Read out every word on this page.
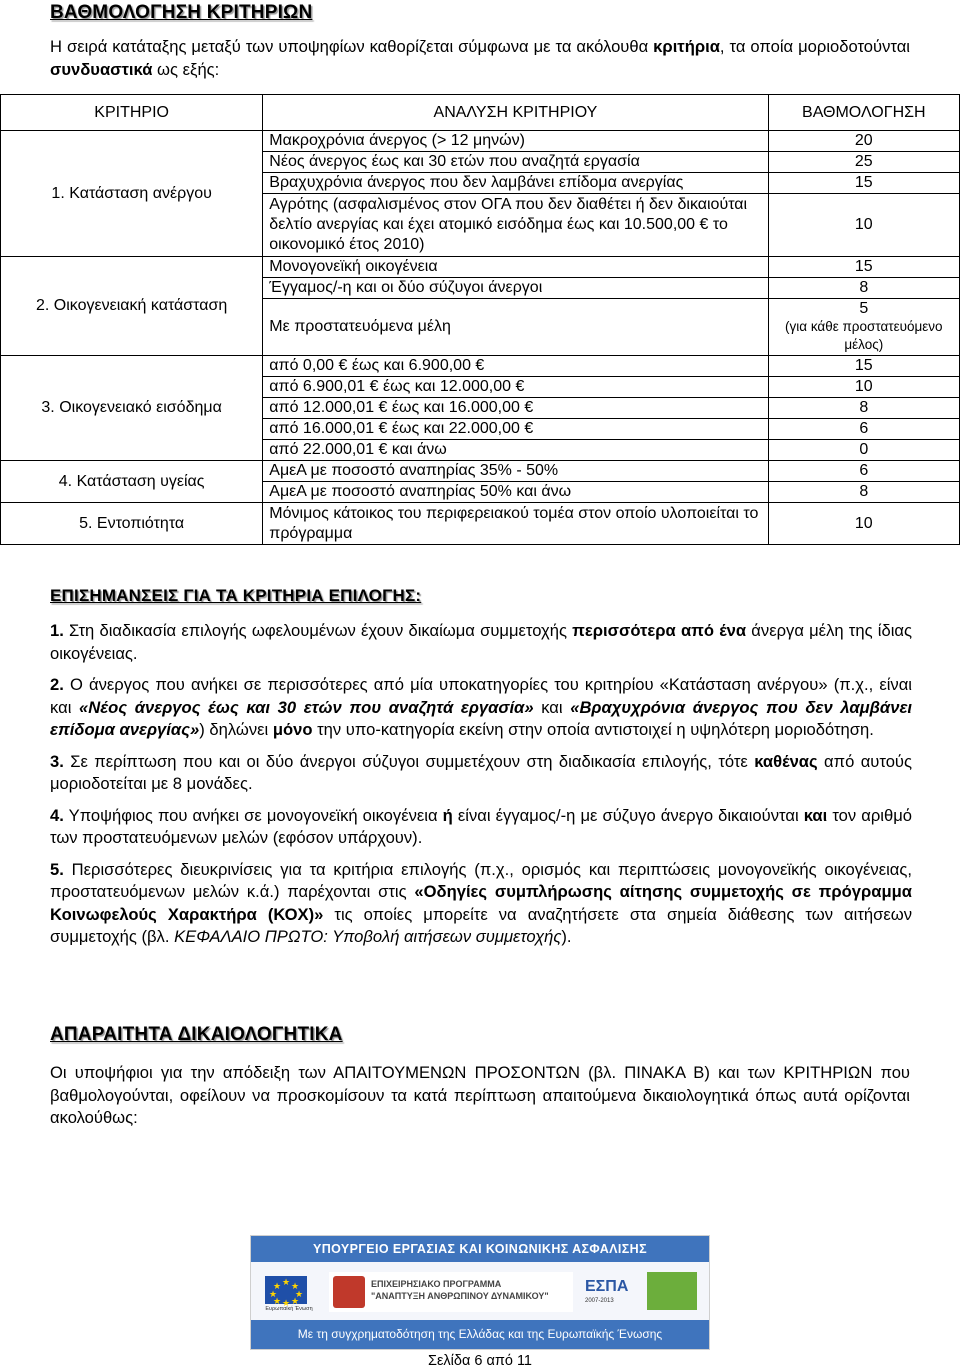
ΒΑΘΜΟΛΟΓΗΣΗ ΚΡΙΤΗΡΙΩΝ
Η σειρά κατάταξης μεταξύ των υποψηφίων καθορίζεται σύμφωνα με τα ακόλουθα κριτήρια, τα οποία μοριοδοτούνται συνδυαστικά ως εξής:
ΚΡΙΤΗΡΙΟ	ΑΝΑΛΥΣΗ ΚΡΙΤΗΡΙΟΥ	ΒΑΘΜΟΛΟΓΗΣΗ
1. Κατάσταση ανέργου	Μακροχρόνια άνεργος (> 12 μηνών)	20
	Νέος άνεργος έως και 30 ετών που αναζητά εργασία	25
	Βραχυχρόνια άνεργος που δεν λαμβάνει επίδομα ανεργίας	15
	Αγρότης (ασφαλισμένος στον ΟΓΑ που δεν διαθέτει ή δεν δικαιούται δελτίο ανεργίας και έχει ατομικό εισόδημα έως και 10.500,00 € το οικονομικό έτος 2010)	10
2. Οικογενειακή κατάσταση	Μονογονεϊκή οικογένεια	15
	Έγγαμος/-η και οι δύο σύζυγοι άνεργοι	8
	Με προστατευόμενα μέλη	5
(για κάθε προστατευόμενο μέλος)

3. Οικογενειακό εισόδημα	από 0,00 € έως και 6.900,00 €	15
	από 6.900,01 € έως και 12.000,00 €	10
	από 12.000,01 € έως και 16.000,00 €	8
	από 16.000,01 € έως και 22.000,00 €	6
	από 22.000,01 € και άνω	0
4. Κατάσταση υγείας	ΑμεΑ με ποσοστό αναπηρίας 35% - 50%	6
	ΑμεΑ με ποσοστό αναπηρίας 50% και άνω	8
5. Εντοπιότητα	Μόνιμος κάτοικος του περιφερειακού τομέα στον οποίο υλοποιείται το πρόγραμμα	10
ΕΠΙΣΗΜΑΝΣΕΙΣ ΓΙΑ ΤΑ ΚΡΙΤΗΡΙΑ ΕΠΙΛΟΓΗΣ:

1. Στη διαδικασία επιλογής ωφελουμένων έχουν δικαίωμα συμμετοχής περισσότερα από ένα άνεργα μέλη της ίδιας οικογένειας.

2. Ο άνεργος που ανήκει σε περισσότερες από μία υποκατηγορίες του κριτηρίου «Κατάσταση ανέργου» (π.χ., είναι και «Νέος άνεργος έως και 30 ετών που αναζητά εργασία» και «Βραχυχρόνια άνεργος που δεν λαμβάνει επίδομα ανεργίας») δηλώνει μόνο την υπο-κατηγορία εκείνη στην οποία αντιστοιχεί η υψηλότερη μοριοδότηση.

3. Σε περίπτωση που και οι δύο άνεργοι σύζυγοι συμμετέχουν στη διαδικασία επιλογής, τότε καθένας από αυτούς μοριοδοτείται με 8 μονάδες.

4. Υποψήφιος που ανήκει σε μονογονεϊκή οικογένεια ή είναι έγγαμος/-η με σύζυγο άνεργο δικαιούνται και τον αριθμό των προστατευόμενων μελών (εφόσον υπάρχουν).

5. Περισσότερες διευκρινίσεις για τα κριτήρια επιλογής (π.χ., ορισμός και περιπτώσεις μονογονεϊκής οικογένειας, προστατευόμενων μελών κ.ά.) παρέχονται στις «Οδηγίες συμπλήρωσης αίτησης συμμετοχής σε πρόγραμμα Κοινωφελούς Χαρακτήρα (ΚΟΧ)» τις οποίες μπορείτε να αναζητήσετε στα σημεία διάθεσης των αιτήσεων συμμετοχής (βλ. ΚΕΦΑΛΑΙΟ ΠΡΩΤΟ: Υποβολή αιτήσεων συμμετοχής).

ΑΠΑΡΑΙΤΗΤΑ ΔΙΚΑΙΟΛΟΓΗΤΙΚΑ
Οι υποψήφιοι για την απόδειξη των ΑΠΑΙΤΟΥΜΕΝΩΝ ΠΡΟΣΟΝΤΩΝ (βλ. ΠΙΝΑΚΑ Β) και των ΚΡΙΤΗΡΙΩΝ που βαθμολογούνται, οφείλουν να προσκομίσουν τα κατά περίπτωση απαιτούμενα δικαιολογητικά όπως αυτά ορίζονται ακολούθως:
ΥΠΟΥΡΓΕΙΟ ΕΡΓΑΣΙΑΣ ΚΑΙ ΚΟΙΝΩΝΙΚΗΣ ΑΣΦΑΛΙΣΗΣ
★
★ ★
★ ★
★ ★
★
Ευρωπαϊκή Ένωση
ΕΠΙΧΕΙΡΗΣΙΑΚΟ ΠΡΟΓΡΑΜΜΑ
"ΑΝΑΠΤΥΞΗ ΑΝΘΡΩΠΙΝΟΥ ΔΥΝΑΜΙΚΟΥ"
ΕΣΠΑ
2007-2013
Με τη συγχρηματοδότηση της Ελλάδας και της Ευρωπαϊκής Ένωσης
Σελίδα 6 από 11
